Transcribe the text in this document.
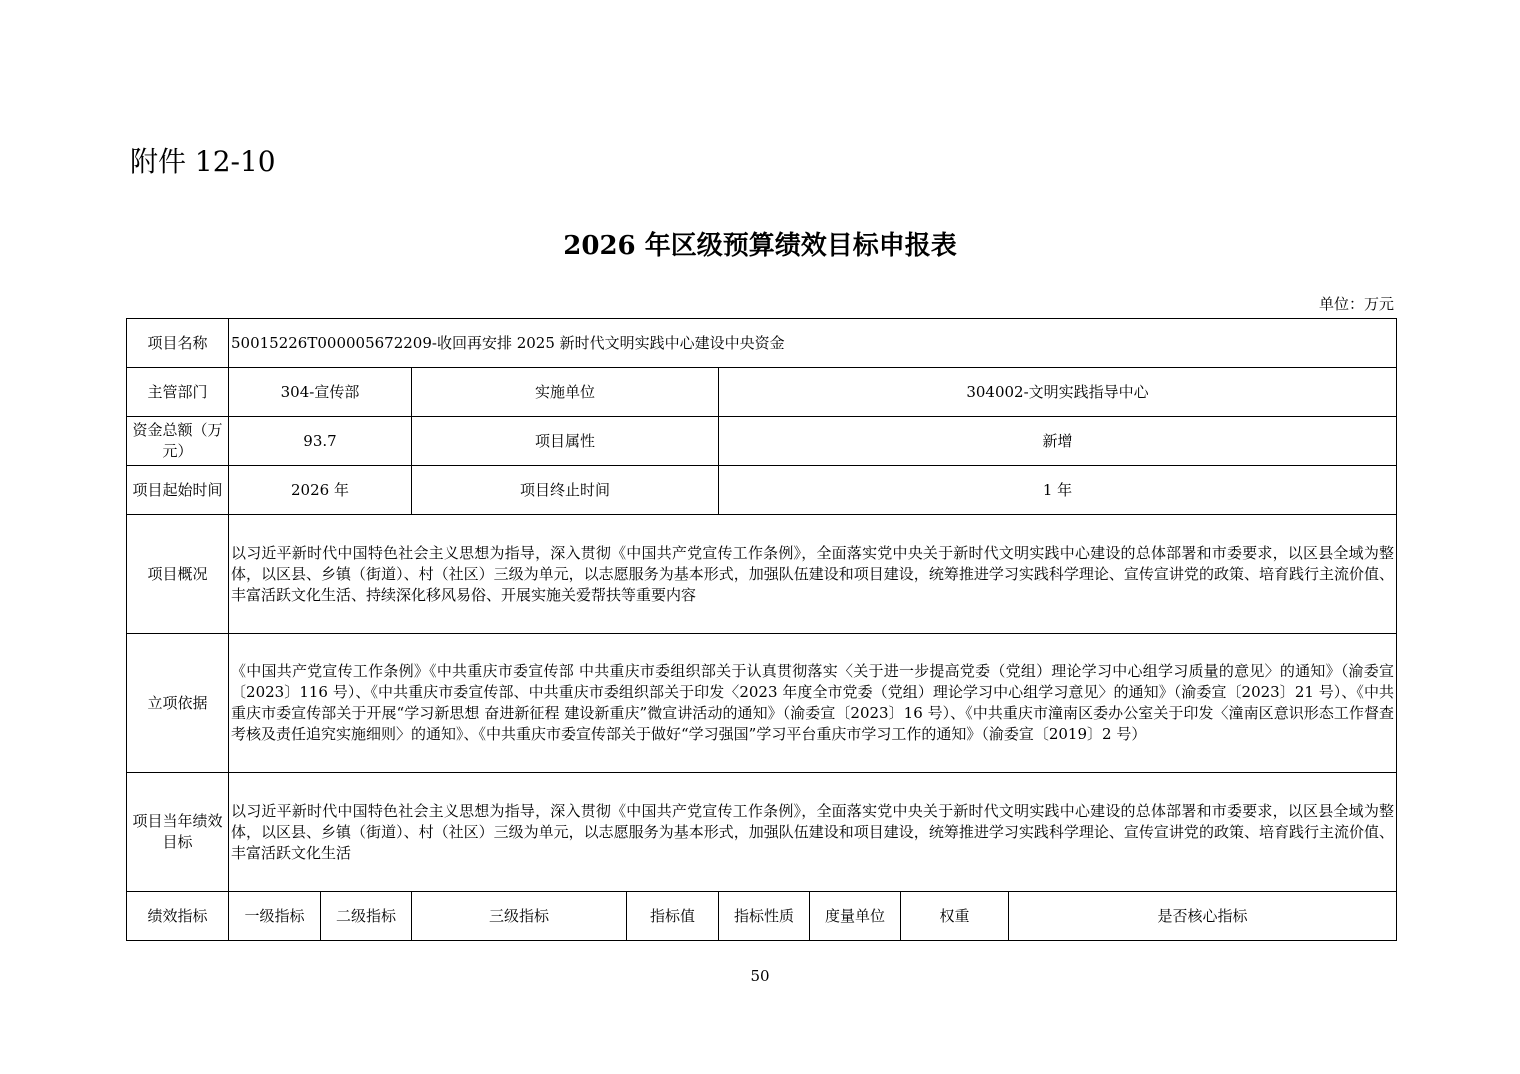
附件 12-10
2026 年区级预算绩效目标申报表
单位：万元
项目名称	50015226T000005672209-收回再安排 2025 新时代文明实践中心建设中央资金							
主管部门	304-宣传部		实施单位		304002-文明实践指导中心			
资金总额（万元）	93.7		项目属性		新增			
项目起始时间	2026 年		项目终止时间		1 年			
项目概况	以习近平新时代中国特色社会主义思想为指导，深入贯彻《中国共产党宣传工作条例》，全面落实党中央关于新时代文明实践中心建设的总体部署和市委要求，以区县全域为整体，以区县、乡镇（街道）、村（社区）三级为单元，以志愿服务为基本形式，加强队伍建设和项目建设，统筹推进学习实践科学理论、宣传宣讲党的政策、培育践行主流价值、丰富活跃文化生活、持续深化移风易俗、开展实施关爱帮扶等重要内容							
立项依据	《中国共产党宣传工作条例》《中共重庆市委宣传部 中共重庆市委组织部关于认真贯彻落实〈关于进一步提高党委（党组）理论学习中心组学习质量的意见〉的通知》（渝委宣〔2023〕116 号）、《中共重庆市委宣传部、中共重庆市委组织部关于印发〈2023 年度全市党委（党组）理论学习中心组学习意见〉的通知》（渝委宣〔2023〕21 号）、《中共重庆市委宣传部关于开展“学习新思想 奋进新征程 建设新重庆”微宣讲活动的通知》（渝委宣〔2023〕16 号）、《中共重庆市潼南区委办公室关于印发〈潼南区意识形态工作督查考核及责任追究实施细则〉的通知》、《中共重庆市委宣传部关于做好“学习强国”学习平台重庆市学习工作的通知》（渝委宣〔2019〕2 号）							
项目当年绩效目标	以习近平新时代中国特色社会主义思想为指导，深入贯彻《中国共产党宣传工作条例》，全面落实党中央关于新时代文明实践中心建设的总体部署和市委要求，以区县全域为整体，以区县、乡镇（街道）、村（社区）三级为单元，以志愿服务为基本形式，加强队伍建设和项目建设，统筹推进学习实践科学理论、宣传宣讲党的政策、培育践行主流价值、丰富活跃文化生活							
绩效指标	一级指标	二级指标	三级指标	指标值	指标性质	度量单位	权重	是否核心指标
50
